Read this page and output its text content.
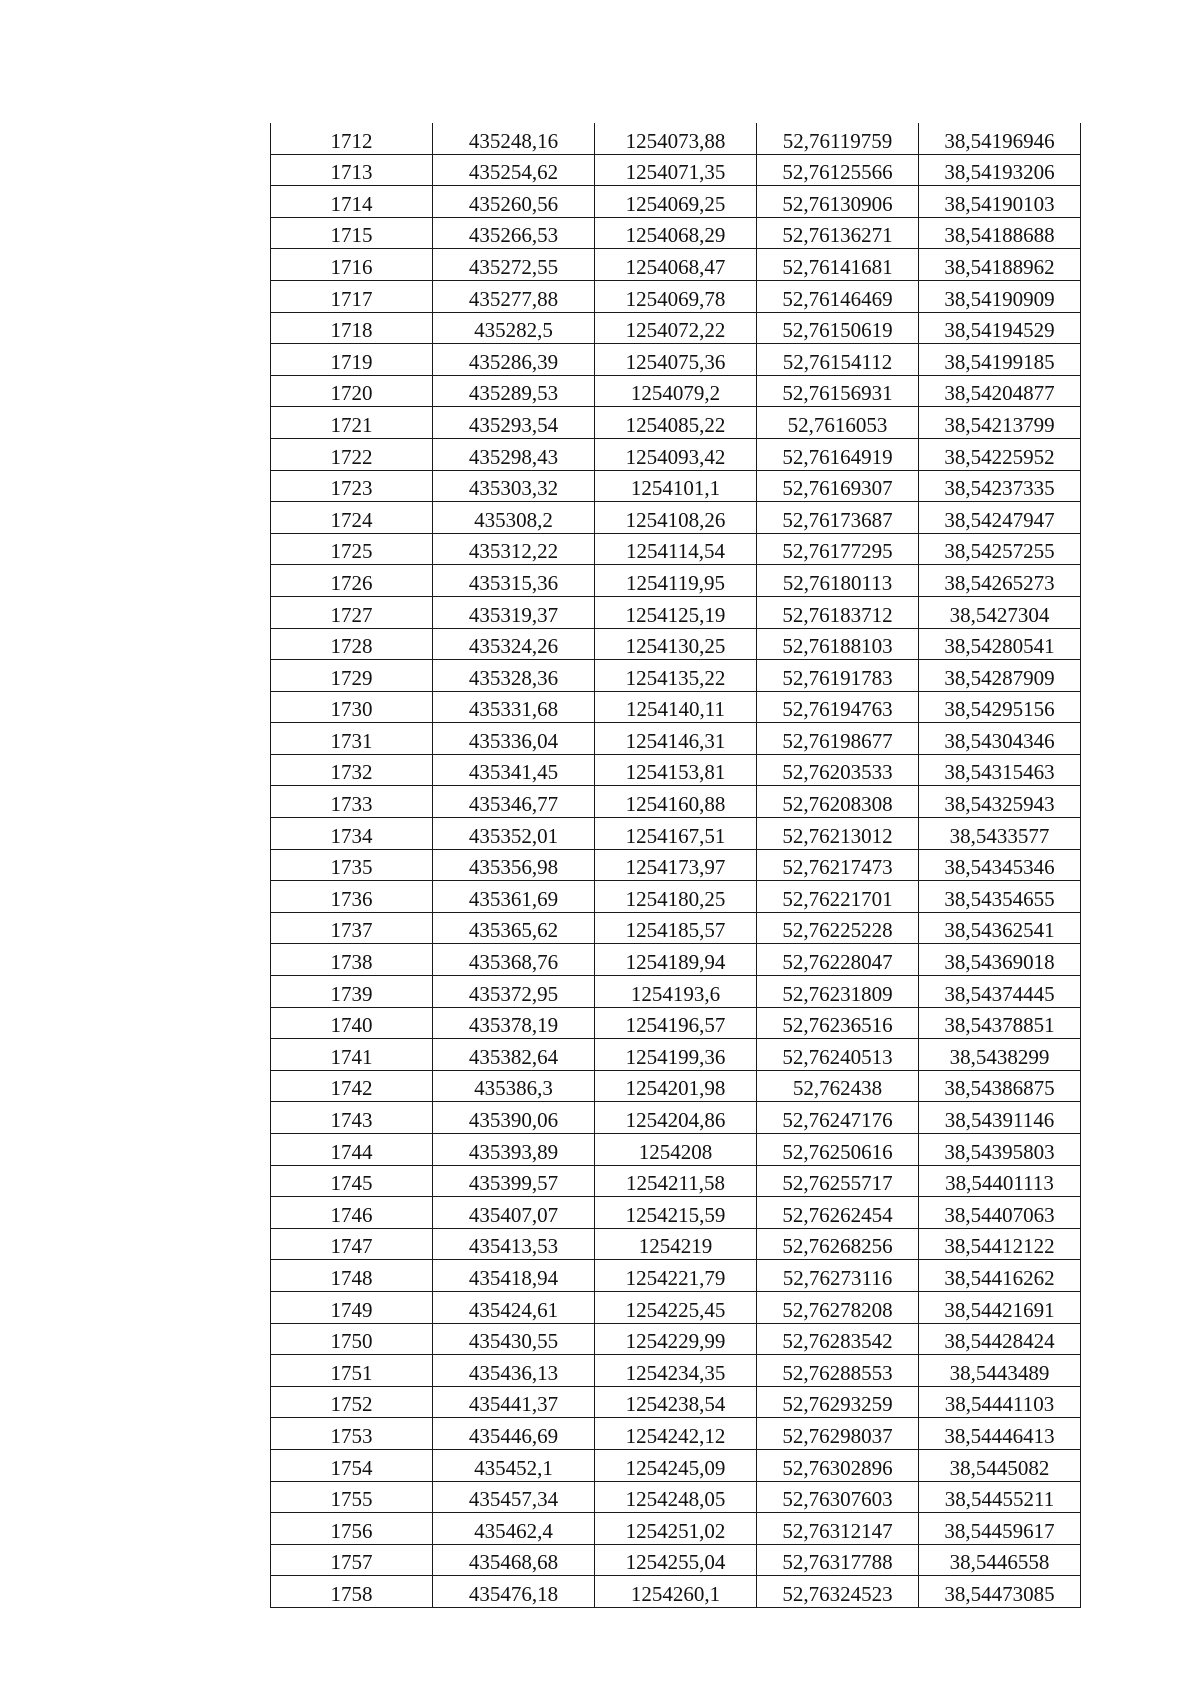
1712	435248,16	1254073,88	52,76119759	38,54196946
1713	435254,62	1254071,35	52,76125566	38,54193206
1714	435260,56	1254069,25	52,76130906	38,54190103
1715	435266,53	1254068,29	52,76136271	38,54188688
1716	435272,55	1254068,47	52,76141681	38,54188962
1717	435277,88	1254069,78	52,76146469	38,54190909
1718	435282,5	1254072,22	52,76150619	38,54194529
1719	435286,39	1254075,36	52,76154112	38,54199185
1720	435289,53	1254079,2	52,76156931	38,54204877
1721	435293,54	1254085,22	52,7616053	38,54213799
1722	435298,43	1254093,42	52,76164919	38,54225952
1723	435303,32	1254101,1	52,76169307	38,54237335
1724	435308,2	1254108,26	52,76173687	38,54247947
1725	435312,22	1254114,54	52,76177295	38,54257255
1726	435315,36	1254119,95	52,76180113	38,54265273
1727	435319,37	1254125,19	52,76183712	38,5427304
1728	435324,26	1254130,25	52,76188103	38,54280541
1729	435328,36	1254135,22	52,76191783	38,54287909
1730	435331,68	1254140,11	52,76194763	38,54295156
1731	435336,04	1254146,31	52,76198677	38,54304346
1732	435341,45	1254153,81	52,76203533	38,54315463
1733	435346,77	1254160,88	52,76208308	38,54325943
1734	435352,01	1254167,51	52,76213012	38,5433577
1735	435356,98	1254173,97	52,76217473	38,54345346
1736	435361,69	1254180,25	52,76221701	38,54354655
1737	435365,62	1254185,57	52,76225228	38,54362541
1738	435368,76	1254189,94	52,76228047	38,54369018
1739	435372,95	1254193,6	52,76231809	38,54374445
1740	435378,19	1254196,57	52,76236516	38,54378851
1741	435382,64	1254199,36	52,76240513	38,5438299
1742	435386,3	1254201,98	52,762438	38,54386875
1743	435390,06	1254204,86	52,76247176	38,54391146
1744	435393,89	1254208	52,76250616	38,54395803
1745	435399,57	1254211,58	52,76255717	38,54401113
1746	435407,07	1254215,59	52,76262454	38,54407063
1747	435413,53	1254219	52,76268256	38,54412122
1748	435418,94	1254221,79	52,76273116	38,54416262
1749	435424,61	1254225,45	52,76278208	38,54421691
1750	435430,55	1254229,99	52,76283542	38,54428424
1751	435436,13	1254234,35	52,76288553	38,5443489
1752	435441,37	1254238,54	52,76293259	38,54441103
1753	435446,69	1254242,12	52,76298037	38,54446413
1754	435452,1	1254245,09	52,76302896	38,5445082
1755	435457,34	1254248,05	52,76307603	38,54455211
1756	435462,4	1254251,02	52,76312147	38,54459617
1757	435468,68	1254255,04	52,76317788	38,5446558
1758	435476,18	1254260,1	52,76324523	38,54473085
